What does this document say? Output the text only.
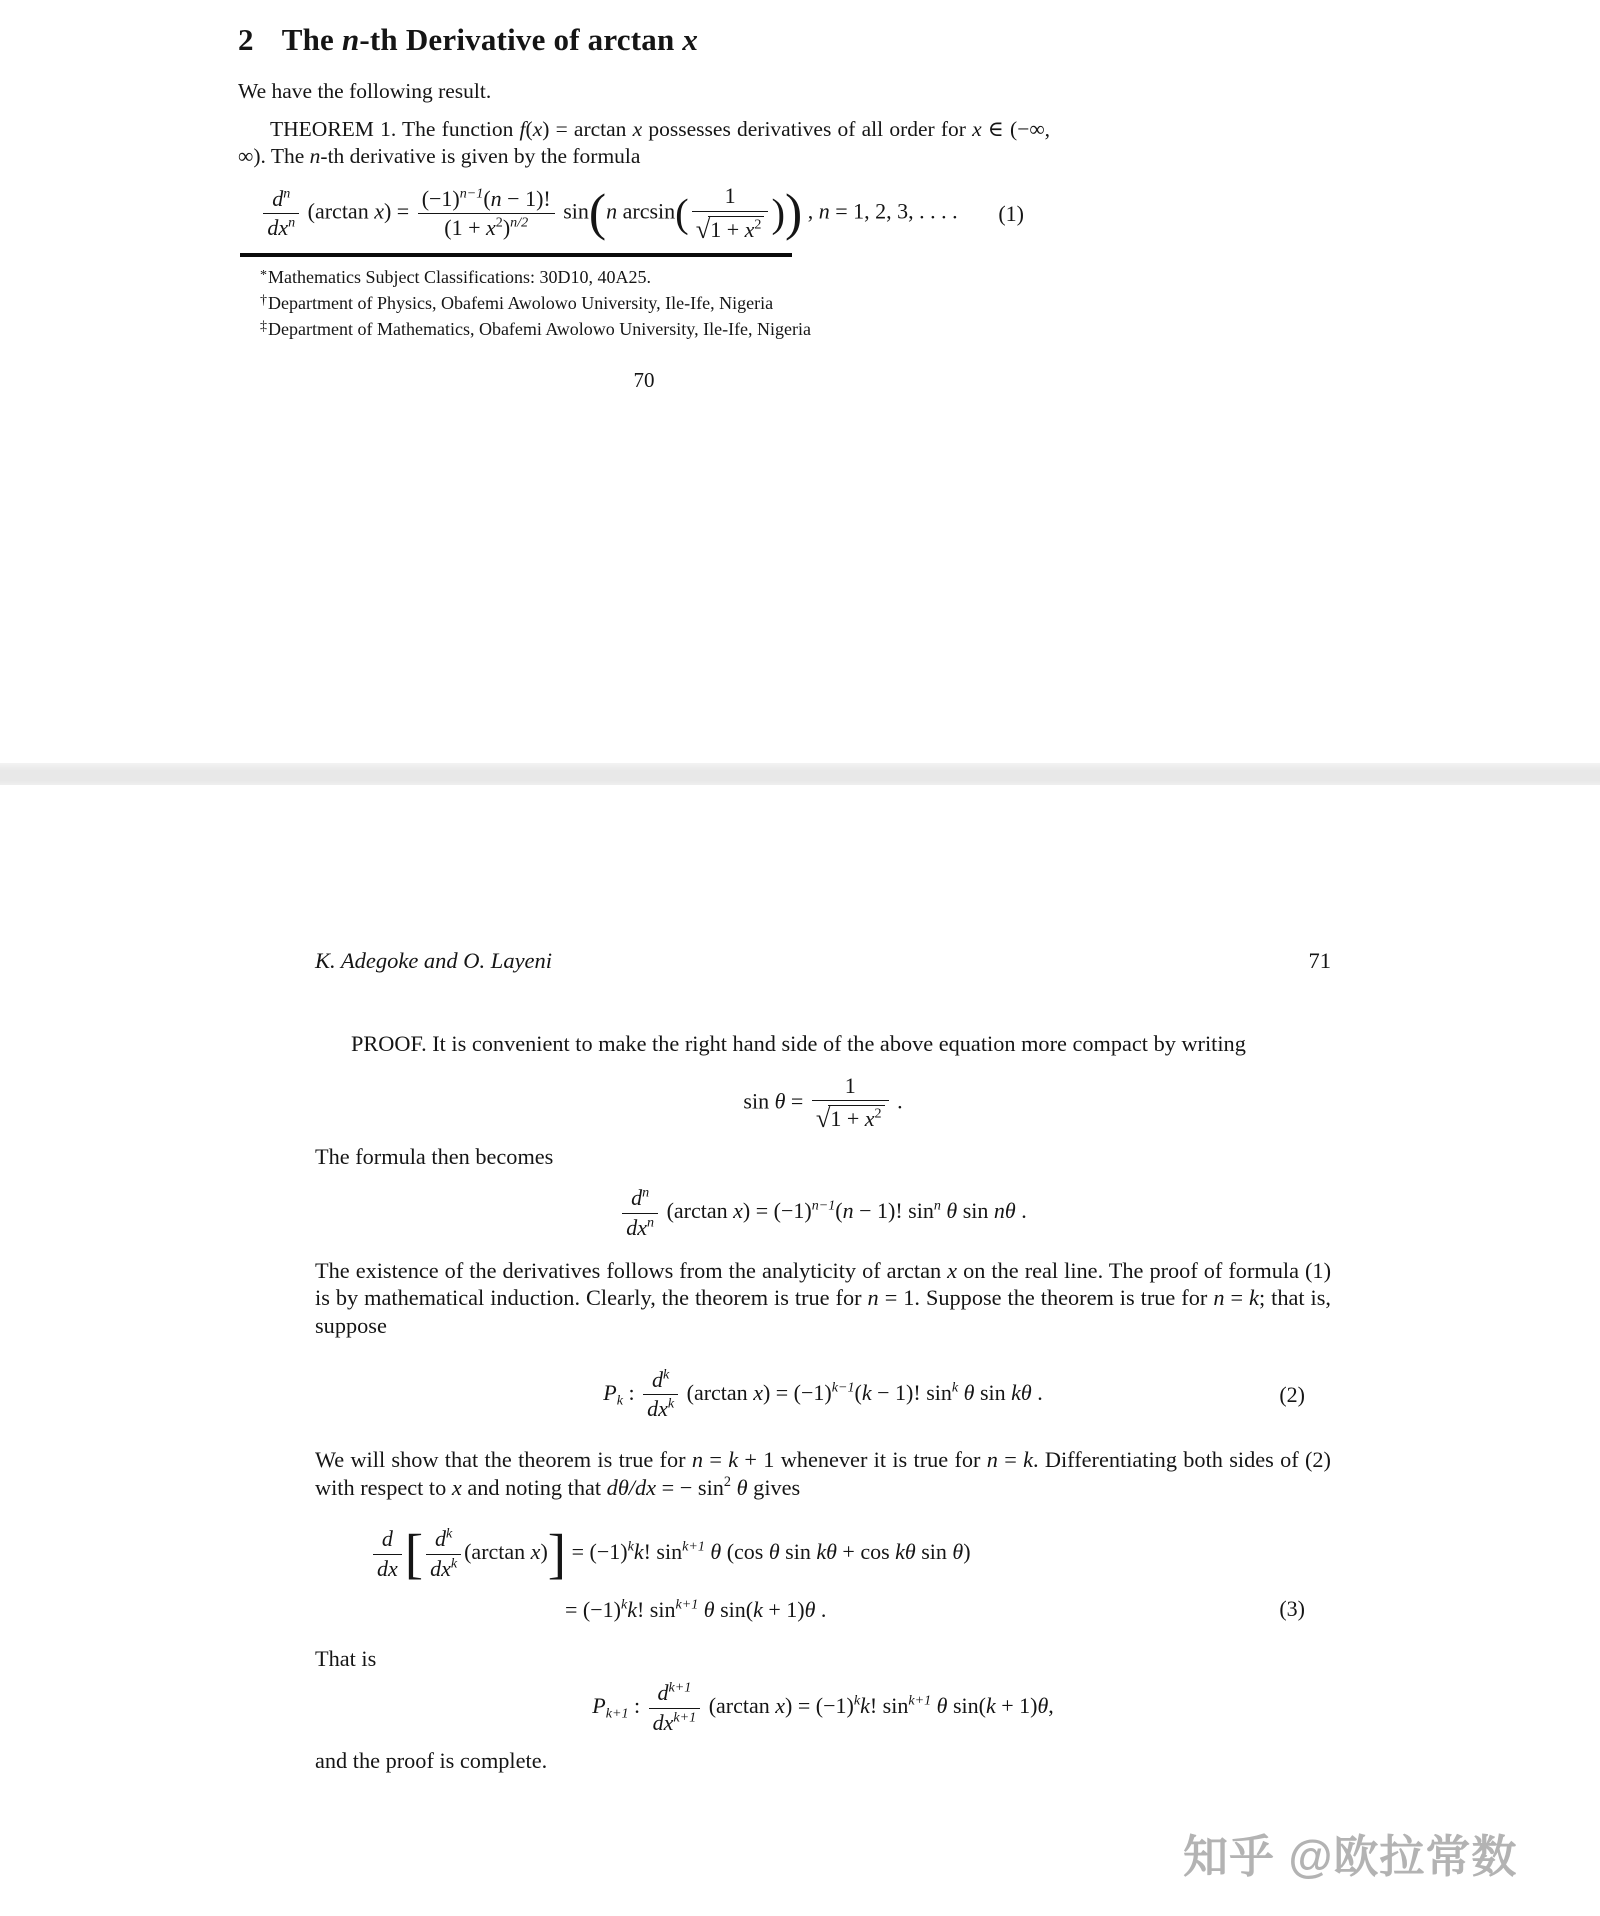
2 The n-th Derivative of arctan x

We have the following result.

THEOREM 1. The function f(x) = arctan x possesses derivatives of all order for x ∈ (−∞, ∞). The n-th derivative is given by the formula

$\frac{d^n}{dx^n} (\arctan$ $x) = \frac{(-1)^{n-1}(n - 1)!}{(1 + x^2)^{n/2}} \sin(n$ $\arcsin( \frac{1}{√1 + x^2}$ )) , n = 1, 2, 3, . . . . (1)

*Mathematics Subject Classifications: 30D10, 40A25.

†Department of Physics, Obafemi Awolowo University, Ile-Ife, Nigeria

‡Department of Mathematics, Obafemi Awolowo University, Ile-Ife, Nigeria

70
K. Adegoke and O. Layeni	71

PROOF. It is convenient to make the right hand side of the above equation more compact by writing

$\sin \theta = \frac{1}{√1 + x^2}$ .

The formula then becomes

$\frac{d^n}{dx^n} (\arctan$ $x) = (-1)^{n-1}(n - 1)$! $\sin^n \theta$ sin nθ .

The existence of the derivatives follows from the analyticity of arctan x on the real line. The proof of formula (1) is by mathematical induction. Clearly, the theorem is true for n = 1. Suppose the theorem is true for n = k; that is, suppose

$P_k$ : $\frac{d^k}{dx^k} (\arctan$ $x) = (-1)^{k-1}(k - 1)$! $\sin^k \theta$ sin kθ .	(2)

We will show that the theorem is true for n = k + 1 whenever it is true for n = k. Differentiating both sides of (2) with respect to x and noting that dθ/dx = − $\sin^2 \theta$ gives

$\frac{d}{dx}$ [ $\frac{d^k}{dx^k} (\arctan$ $x)] = (-1)^kk$! $\sin^{k+1} \theta$ (cos θ sin kθ + cos kθ sin θ)
= $(-1)^kk$! $\sin^{k+1} \theta$ sin(k + 1)θ .	(3)

That is

$P_{k+1}$ : $\frac{d^{k+1}}{dx^{k+1}} (\arctan$ $x) = (-1)^kk$! $\sin^{k+1} \theta$ sin(k + 1)θ,

and the proof is complete.

知乎 @欧拉常数
